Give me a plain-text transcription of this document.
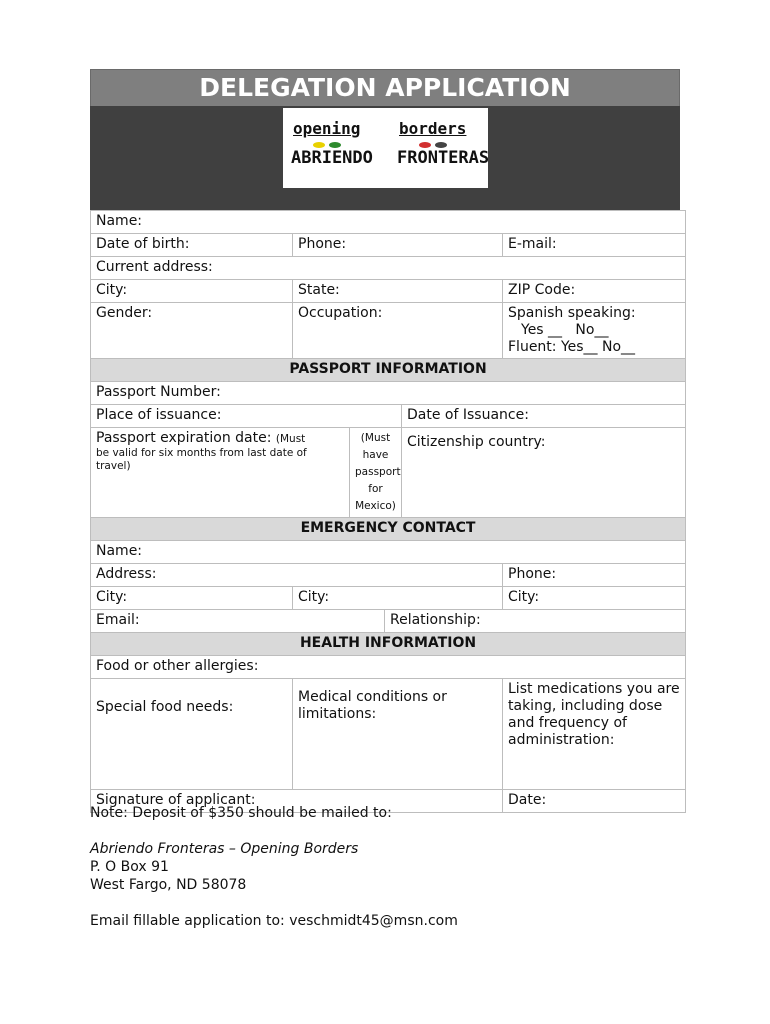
DELEGATION APPLICATION
opening borders
ABRIENDO FRONTERAS
Name:					
Date of birth:	Phone:				E-mail:
Current address:					
City:	State:				ZIP Code:
Gender:	Occupation:				Spanish speaking:
Yes __   No__
Fluent: Yes__ No__

PASSPORT INFORMATION					
Passport Number:					
Place of issuance:				Date of Issuance:	
Passport expiration date: (Must
be valid for six months from last date of travel)		(Must have passport for Mexico)		Citizenship country:	
EMERGENCY CONTACT					
Name:					
Address:					Phone:
City:	City:				City:
Email:			Relationship:		
HEALTH INFORMATION					
Food or other allergies:					
Special food needs:	Medical conditions or limitations:				List medications you are taking, including dose and frequency of administration:
Signature of applicant:					Date:
Note: Deposit of $350 should be mailed to:
Abriendo Fronteras – Opening Borders
P. O Box 91
West Fargo, ND 58078
Email fillable application to: veschmidt45@msn.com
